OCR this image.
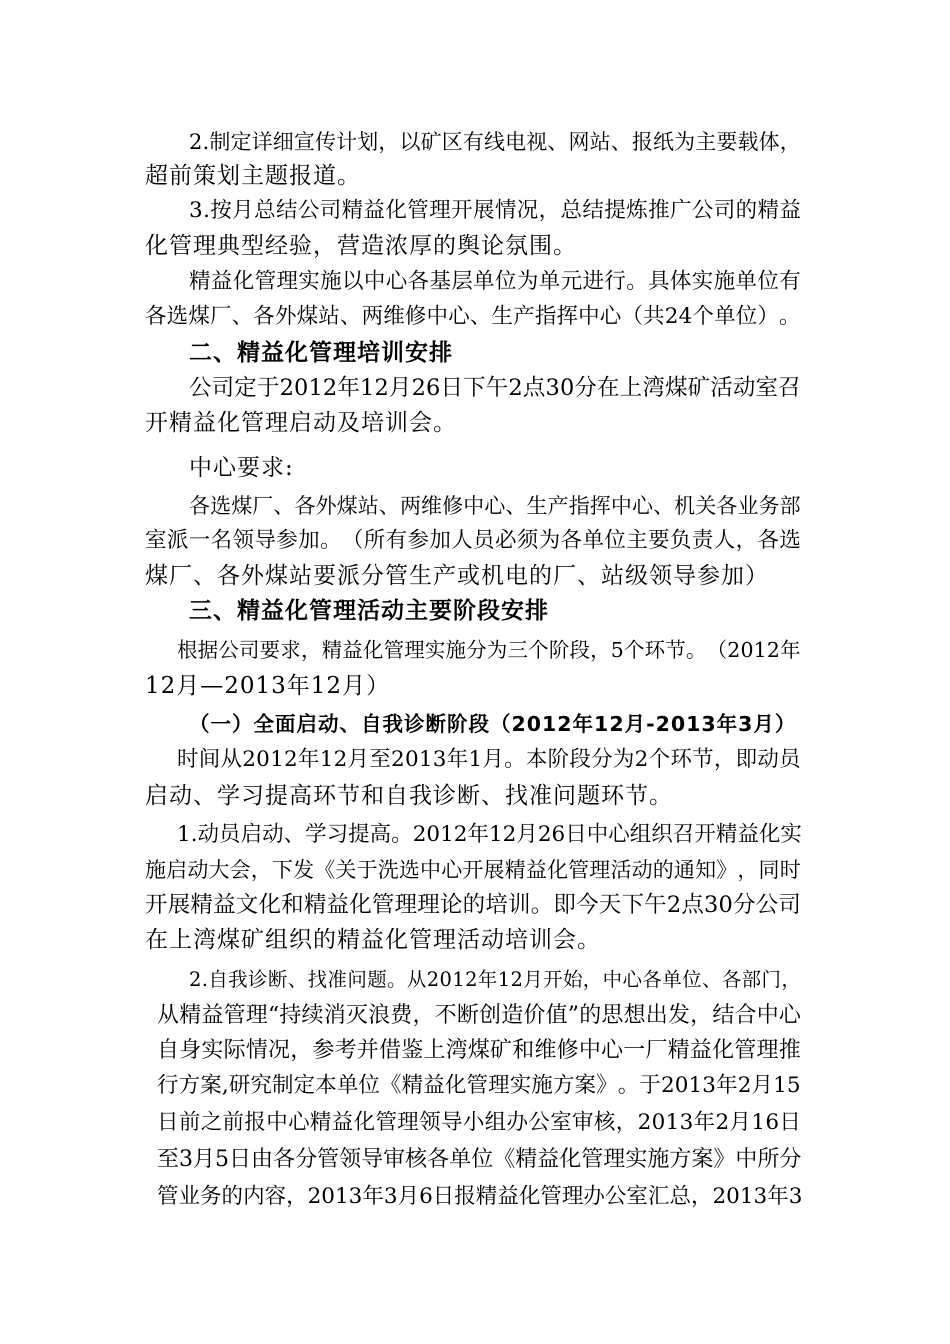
2 . 制 定 详 细 宣 传 计 划 ， 以 矿 区 有 线 电 视 、 网 站 、 报 纸 为 主 要 载 体 ，
超前策划主题报道。
3 . 按 月 总 结 公 司 精 益 化 管 理 开 展 情 况 ， 总 结 提 炼 推 广 公 司 的 精 益
化管理典型经验，营造浓厚的舆论氛围。
精 益 化 管 理 实 施 以 中 心 各 基 层 单 位 为 单 元 进 行 。 具 体 实 施 单 位 有
各 选 煤 厂 、 各 外 煤 站 、 两 维 修 中 心 、 生 产 指 挥 中 心 （ 共 2 4 个 单 位 ） 。
二、精益化管理培训安排
公 司 定 于 2 0 1 2 年 1 2 月 2 6 日 下 午 2 点 3 0 分 在 上 湾 煤 矿 活 动 室 召
开精益化管理启动及培训会。
中心要求:
各 选 煤 厂 、 各 外 煤 站 、 两 维 修 中 心 、 生 产 指 挥 中 心 、 机 关 各 业 务 部
室 派 一 名 领 导 参 加 。 （ 所 有 参 加 人 员 必 须 为 各 单 位 主 要 负 责 人 ， 各 选
煤厂、各外煤站要派分管生产或机电的厂、站级领导参加）
三、精益化管理活动主要阶段安排
根 据 公 司 要 求 ， 精 益 化 管 理 实 施 分 为 三 个 阶 段 ， 5 个 环 节 。 （ 2 0 1 2 年
12月—2013年12月）
（一）全面启动、自我诊断阶段（2012年12月-2013年3月）
时 间 从 2 0 1 2 年 1 2 月 至 2 0 1 3 年 1 月 。 本 阶 段 分 为 2 个 环 节 ， 即 动 员
启动、学习提高环节和自我诊断、找准问题环节。
1 . 动 员 启 动 、 学 习 提 高 。 2 0 1 2 年 1 2 月 2 6 日 中 心 组 织 召 开 精 益 化 实
施 启 动 大 会 ， 下 发 《 关 于 洗 选 中 心 开 展 精 益 化 管 理 活 动 的 通 知 》 ， 同 时
开 展 精 益 文 化 和 精 益 化 管 理 理 论 的 培 训 。 即 今 天 下 午 2 点 3 0 分 公 司
在上湾煤矿组织的精益化管理活动培训会。
2 . 自 我 诊 断 、 找 准 问 题 。 从 2 0 1 2 年 1 2 月 开 始 ， 中 心 各 单 位 、 各 部 门 ，
从 精 益 管 理 “ 持 续 消 灭 浪 费 ， 不 断 创 造 价 值 ” 的 思 想 出 发 ， 结 合 中 心
自 身 实 际 情 况 ， 参 考 并 借 鉴 上 湾 煤 矿 和 维 修 中 心 一 厂 精 益 化 管 理 推
行 方 案 , 研 究 制 定 本 单 位 《 精 益 化 管 理 实 施 方 案 》 。 于 2 0 1 3 年 2 月 1 5
日 前 之 前 报 中 心 精 益 化 管 理 领 导 小 组 办 公 室 审 核 ， 2 0 1 3 年 2 月 1 6 日
至 3 月 5 日 由 各 分 管 领 导 审 核 各 单 位 《 精 益 化 管 理 实 施 方 案 》 中 所 分
管 业 务 的 内 容 ， 2 0 1 3 年 3 月 6 日 报 精 益 化 管 理 办 公 室 汇 总 ， 2 0 1 3 年 3
